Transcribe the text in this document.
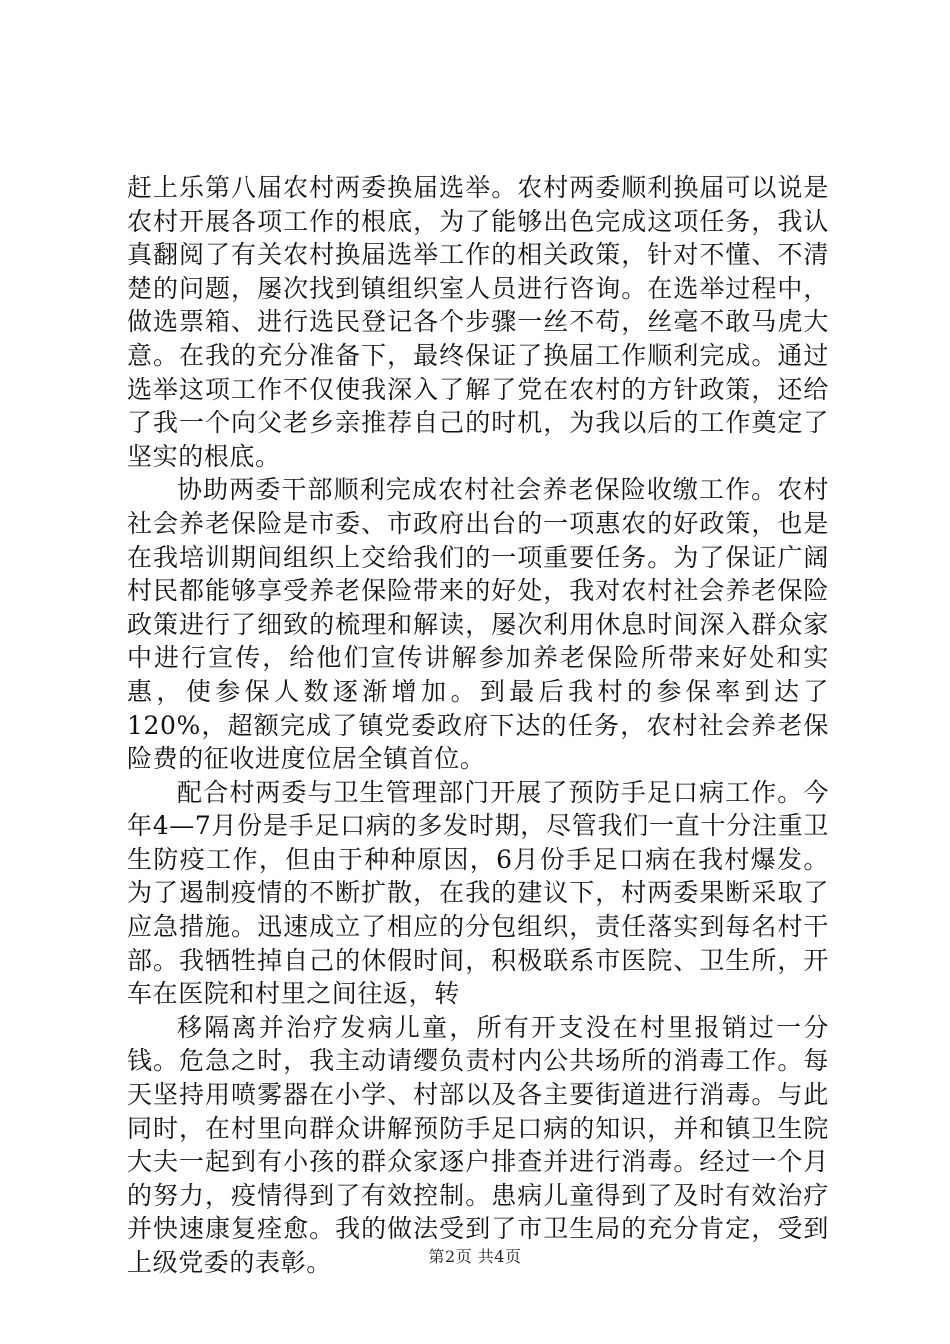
赶上乐第八届农村两委换届选举。农村两委顺利换届可以说是农村开展各项工作的根底，为了能够出色完成这项任务，我认真翻阅了有关农村换届选举工作的相关政策，针对不懂、不清楚的问题，屡次找到镇组织室人员进行咨询。在选举过程中，做选票箱、进行选民登记各个步骤一丝不苟，丝毫不敢马虎大意。在我的充分准备下，最终保证了换届工作顺利完成。通过选举这项工作不仅使我深入了解了党在农村的方针政策，还给了我一个向父老乡亲推荐自己的时机，为我以后的工作奠定了坚实的根底。

协助两委干部顺利完成农村社会养老保险收缴工作。农村社会养老保险是市委、市政府出台的一项惠农的好政策，也是在我培训期间组织上交给我们的一项重要任务。为了保证广阔村民都能够享受养老保险带来的好处，我对农村社会养老保险政策进行了细致的梳理和解读，屡次利用休息时间深入群众家中进行宣传，给他们宣传讲解参加养老保险所带来好处和实惠，使参保人数逐渐增加。到最后我村的参保率到达了120%，超额完成了镇党委政府下达的任务，农村社会养老保险费的征收进度位居全镇首位。

配合村两委与卫生管理部门开展了预防手足口病工作。今年4—7月份是手足口病的多发时期，尽管我们一直十分注重卫生防疫工作，但由于种种原因，6月份手足口病在我村爆发。为了遏制疫情的不断扩散，在我的建议下，村两委果断采取了应急措施。迅速成立了相应的分包组织，责任落实到每名村干部。我牺牲掉自己的休假时间，积极联系市医院、卫生所，开车在医院和村里之间往返，转

移隔离并治疗发病儿童，所有开支没在村里报销过一分钱。危急之时，我主动请缨负责村内公共场所的消毒工作。每天坚持用喷雾器在小学、村部以及各主要街道进行消毒。与此同时，在村里向群众讲解预防手足口病的知识，并和镇卫生院大夫一起到有小孩的群众家逐户排查并进行消毒。经过一个月的努力，疫情得到了有效控制。患病儿童得到了及时有效治疗并快速康复痊愈。我的做法受到了市卫生局的充分肯定，受到上级党委的表彰。	第2页 共4页
